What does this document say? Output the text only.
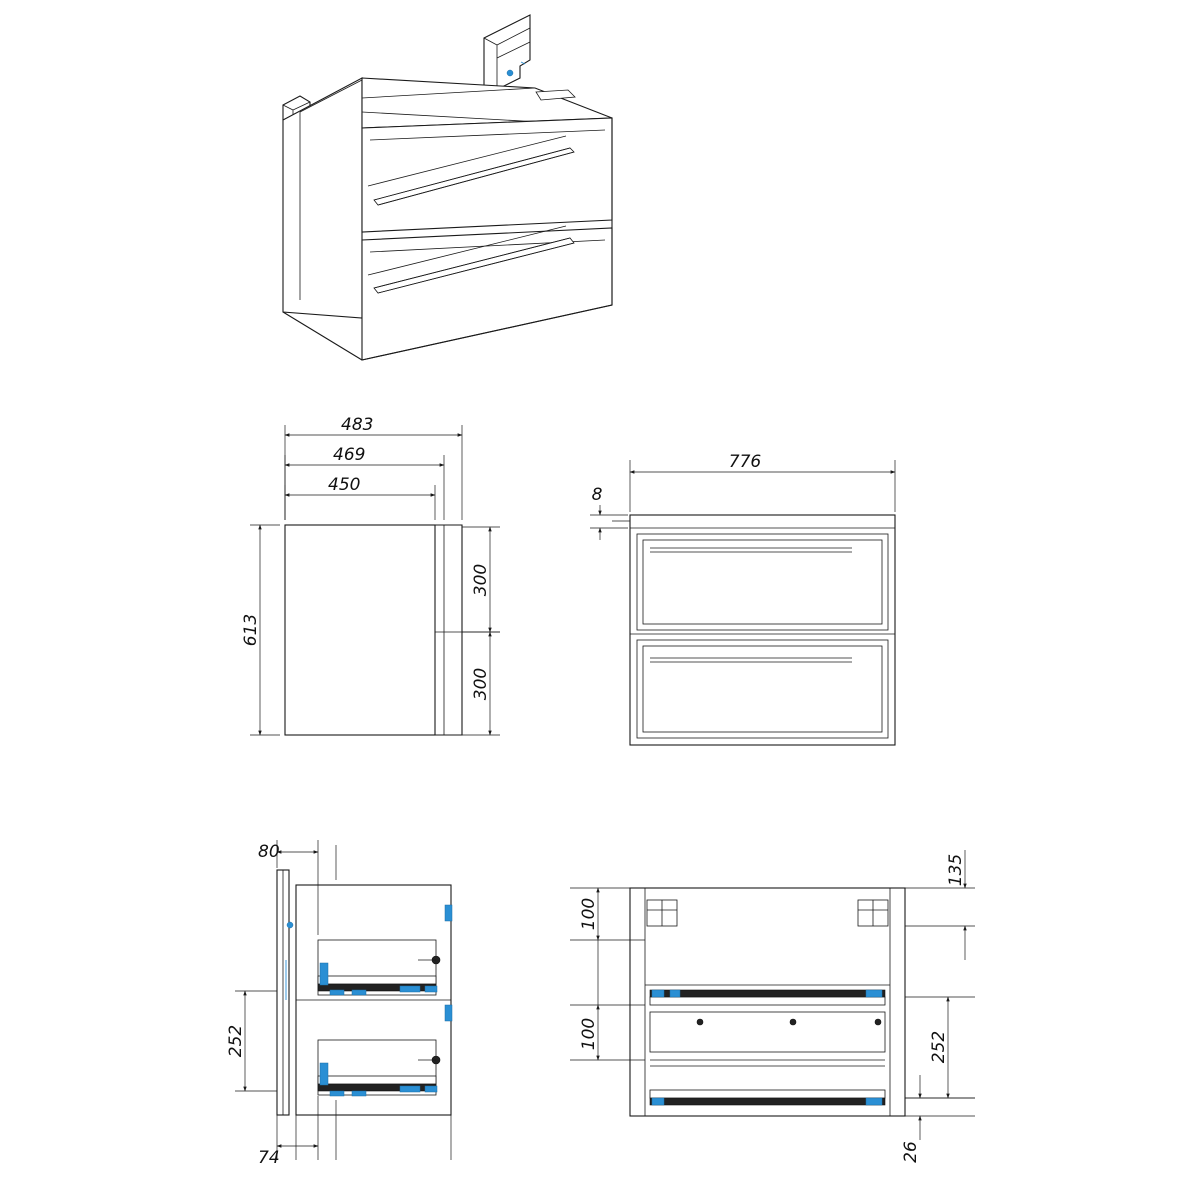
483
469
450
613
300
300
776
8
80
252
74
135
100
100	252
26
